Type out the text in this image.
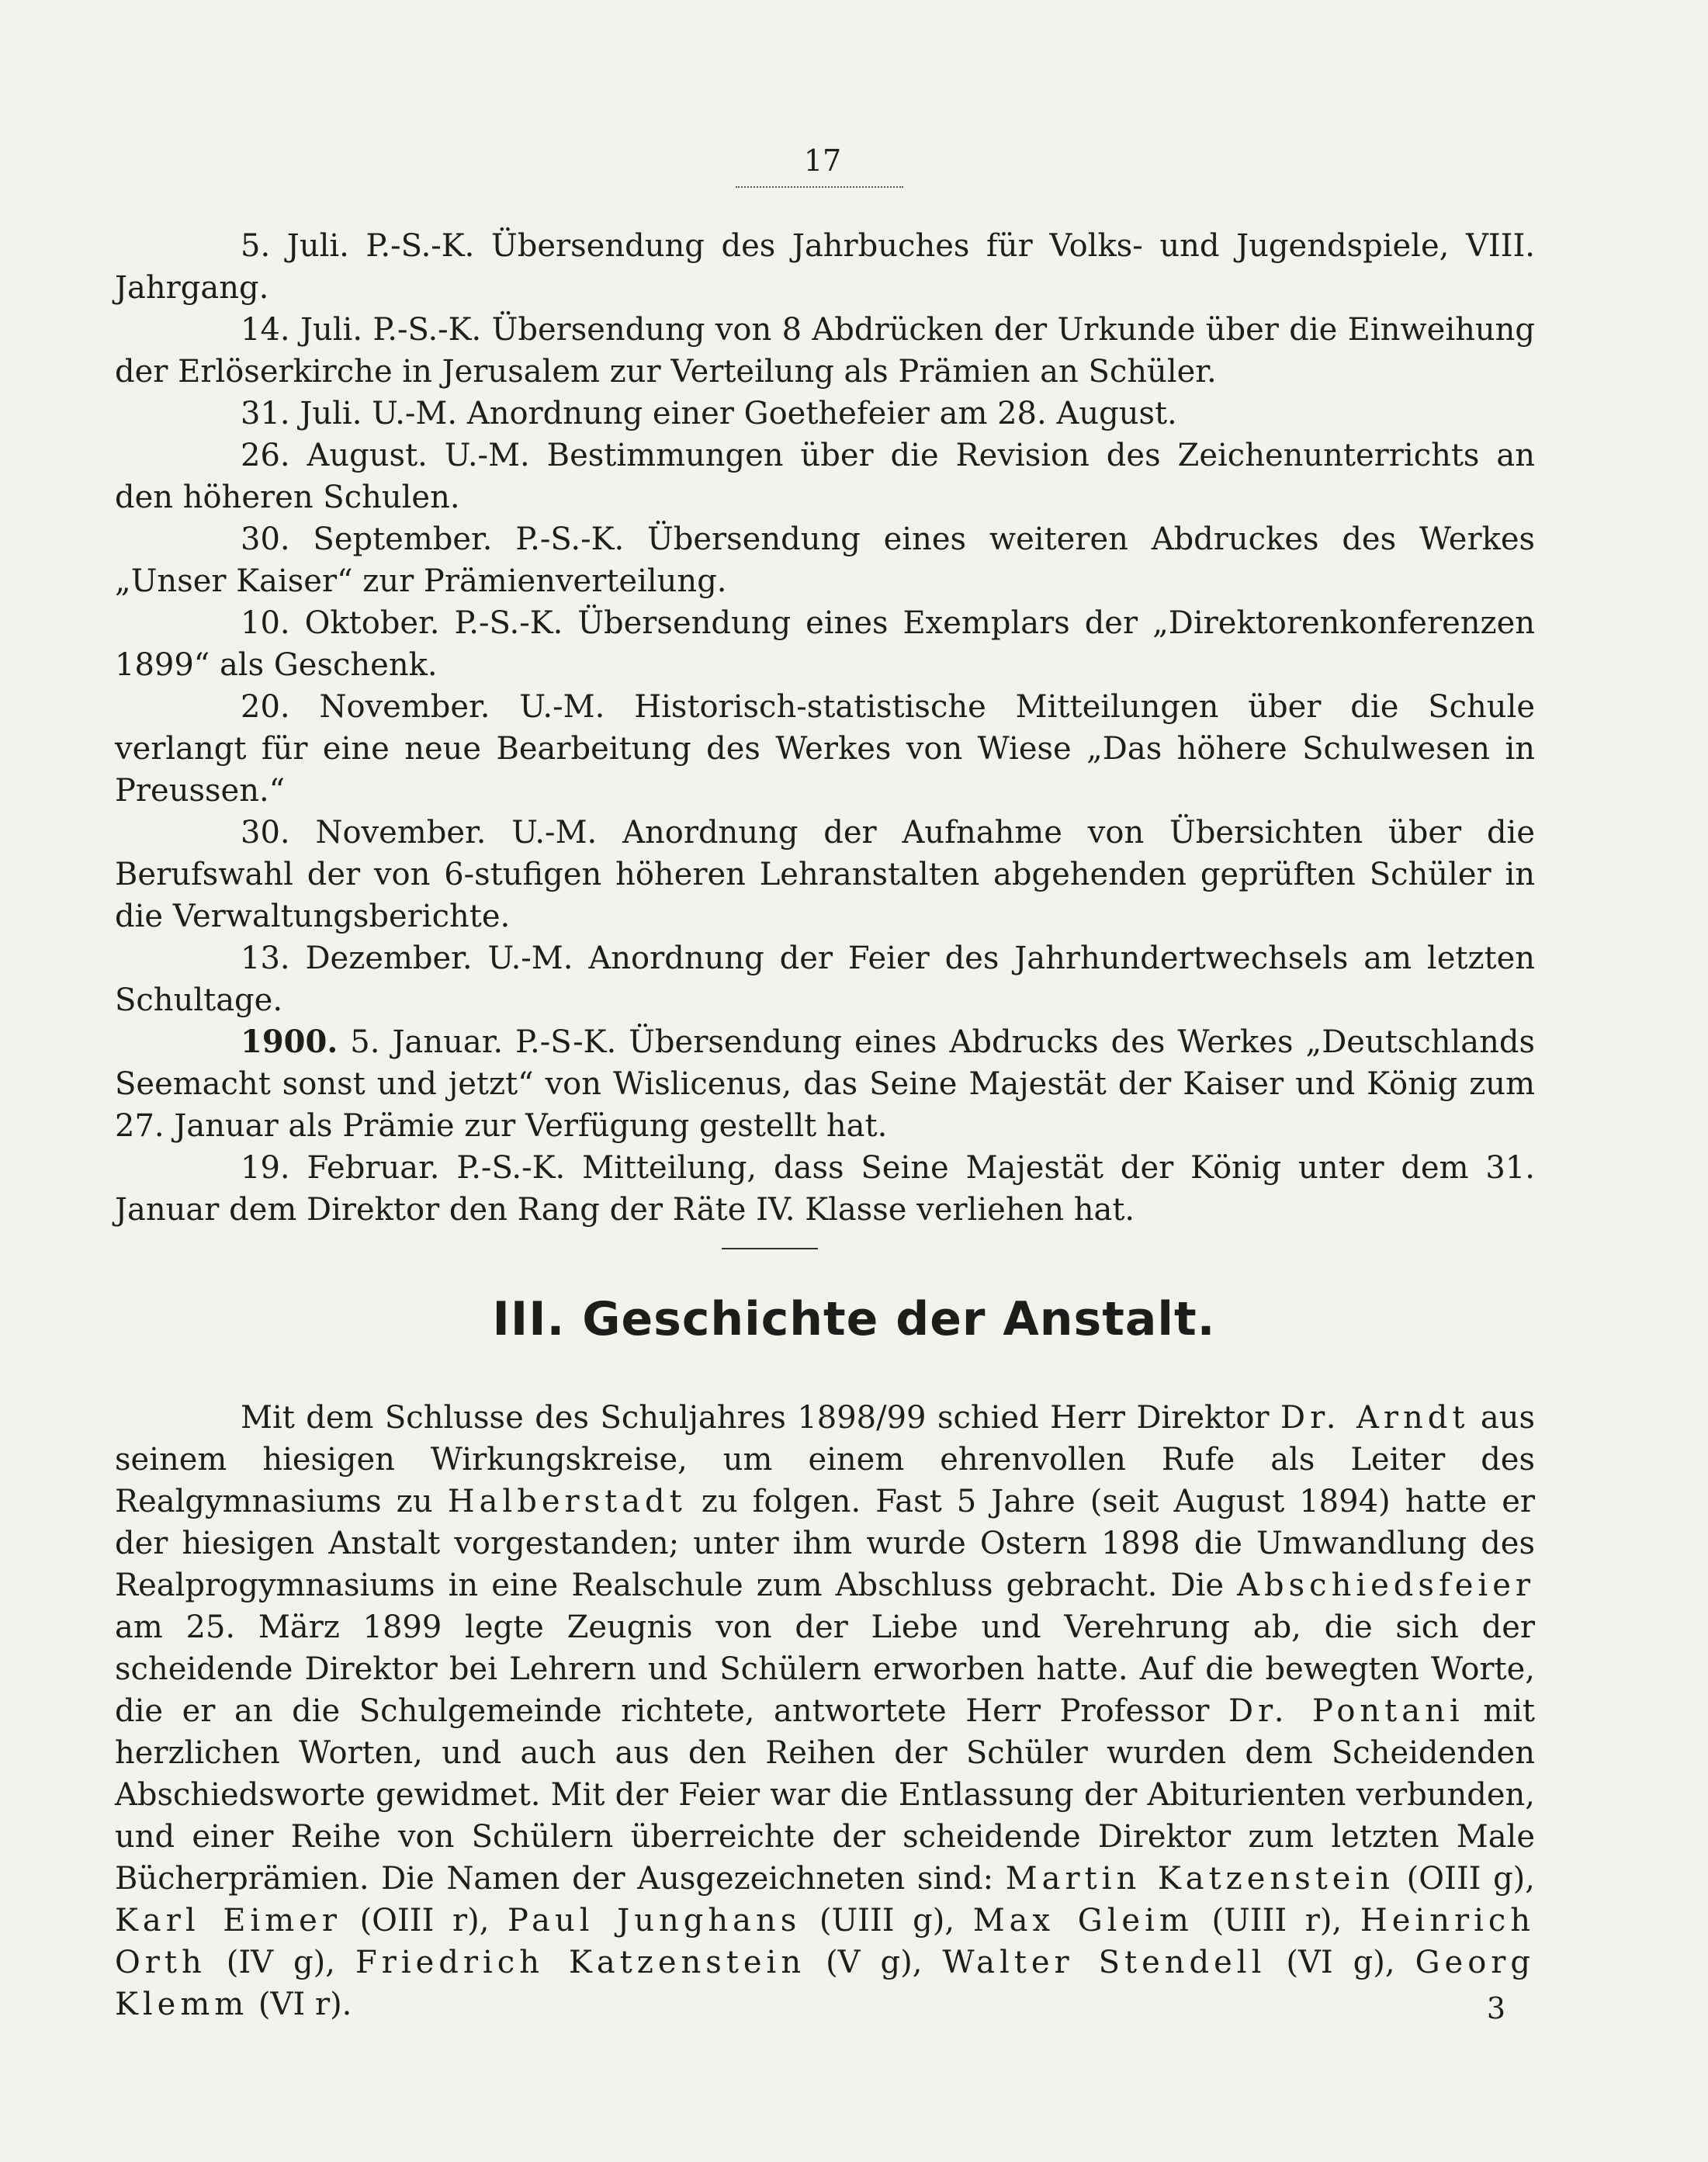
17

5. Juli. P.-S.-K. Übersendung des Jahrbuches für Volks- und Jugendspiele, VIII. Jahrgang.

14. Juli. P.-S.-K. Übersendung von 8 Abdrücken der Urkunde über die Einweihung der Erlöserkirche in Jerusalem zur Verteilung als Prämien an Schüler.

31. Juli. U.-M. Anordnung einer Goethefeier am 28. August.

26. August. U.-M. Bestimmungen über die Revision des Zeichenunterrichts an den höheren Schulen.

30. September. P.-S.-K. Übersendung eines weiteren Abdruckes des Werkes „Unser Kaiser“ zur Prämienverteilung.

10. Oktober. P.-S.-K. Übersendung eines Exemplars der „Direktorenkonferenzen 1899“ als Geschenk.

20. November. U.-M. Historisch-statistische Mitteilungen über die Schule verlangt für eine neue Bearbeitung des Werkes von Wiese „Das höhere Schulwesen in Preussen.“

30. November. U.-M. Anordnung der Aufnahme von Übersichten über die Berufswahl der von 6-stufigen höheren Lehranstalten abgehenden geprüften Schüler in die Verwaltungsberichte.

13. Dezember. U.-M. Anordnung der Feier des Jahrhundertwechsels am letzten Schultage.

1900. 5. Januar. P.-S-K. Übersendung eines Abdrucks des Werkes „Deutschlands Seemacht sonst und jetzt“ von Wislicenus, das Seine Majestät der Kaiser und König zum 27. Januar als Prämie zur Verfügung gestellt hat.

19. Februar. P.-S.-K. Mitteilung, dass Seine Majestät der König unter dem 31. Januar dem Direktor den Rang der Räte IV. Klasse verliehen hat.

III. Geschichte der Anstalt.

Mit dem Schlusse des Schuljahres 1898/99 schied Herr Direktor Dr. Arndt aus seinem hiesigen Wirkungskreise, um einem ehrenvollen Rufe als Leiter des Realgymnasiums zu Halberstadt zu folgen. Fast 5 Jahre (seit August 1894) hatte er der hiesigen Anstalt vorgestanden; unter ihm wurde Ostern 1898 die Umwandlung des Realprogymnasiums in eine Realschule zum Abschluss gebracht. Die Abschiedsfeier am 25. März 1899 legte Zeugnis von der Liebe und Verehrung ab, die sich der scheidende Direktor bei Lehrern und Schülern erworben hatte. Auf die bewegten Worte, die er an die Schulgemeinde richtete, antwortete Herr Professor Dr. Pontani mit herzlichen Worten, und auch aus den Reihen der Schüler wurden dem Scheidenden Abschiedsworte gewidmet. Mit der Feier war die Entlassung der Abiturienten verbunden, und einer Reihe von Schülern überreichte der scheidende Direktor zum letzten Male Bücherprämien. Die Namen der Ausgezeichneten sind: Martin Katzenstein (OIII g), Karl Eimer (OIII r), Paul Junghans (UIII g), Max Gleim (UIII r), Heinrich Orth (IV g), Friedrich Katzenstein (V g), Walter Stendell (VI g), Georg Klemm (VI r).	3
